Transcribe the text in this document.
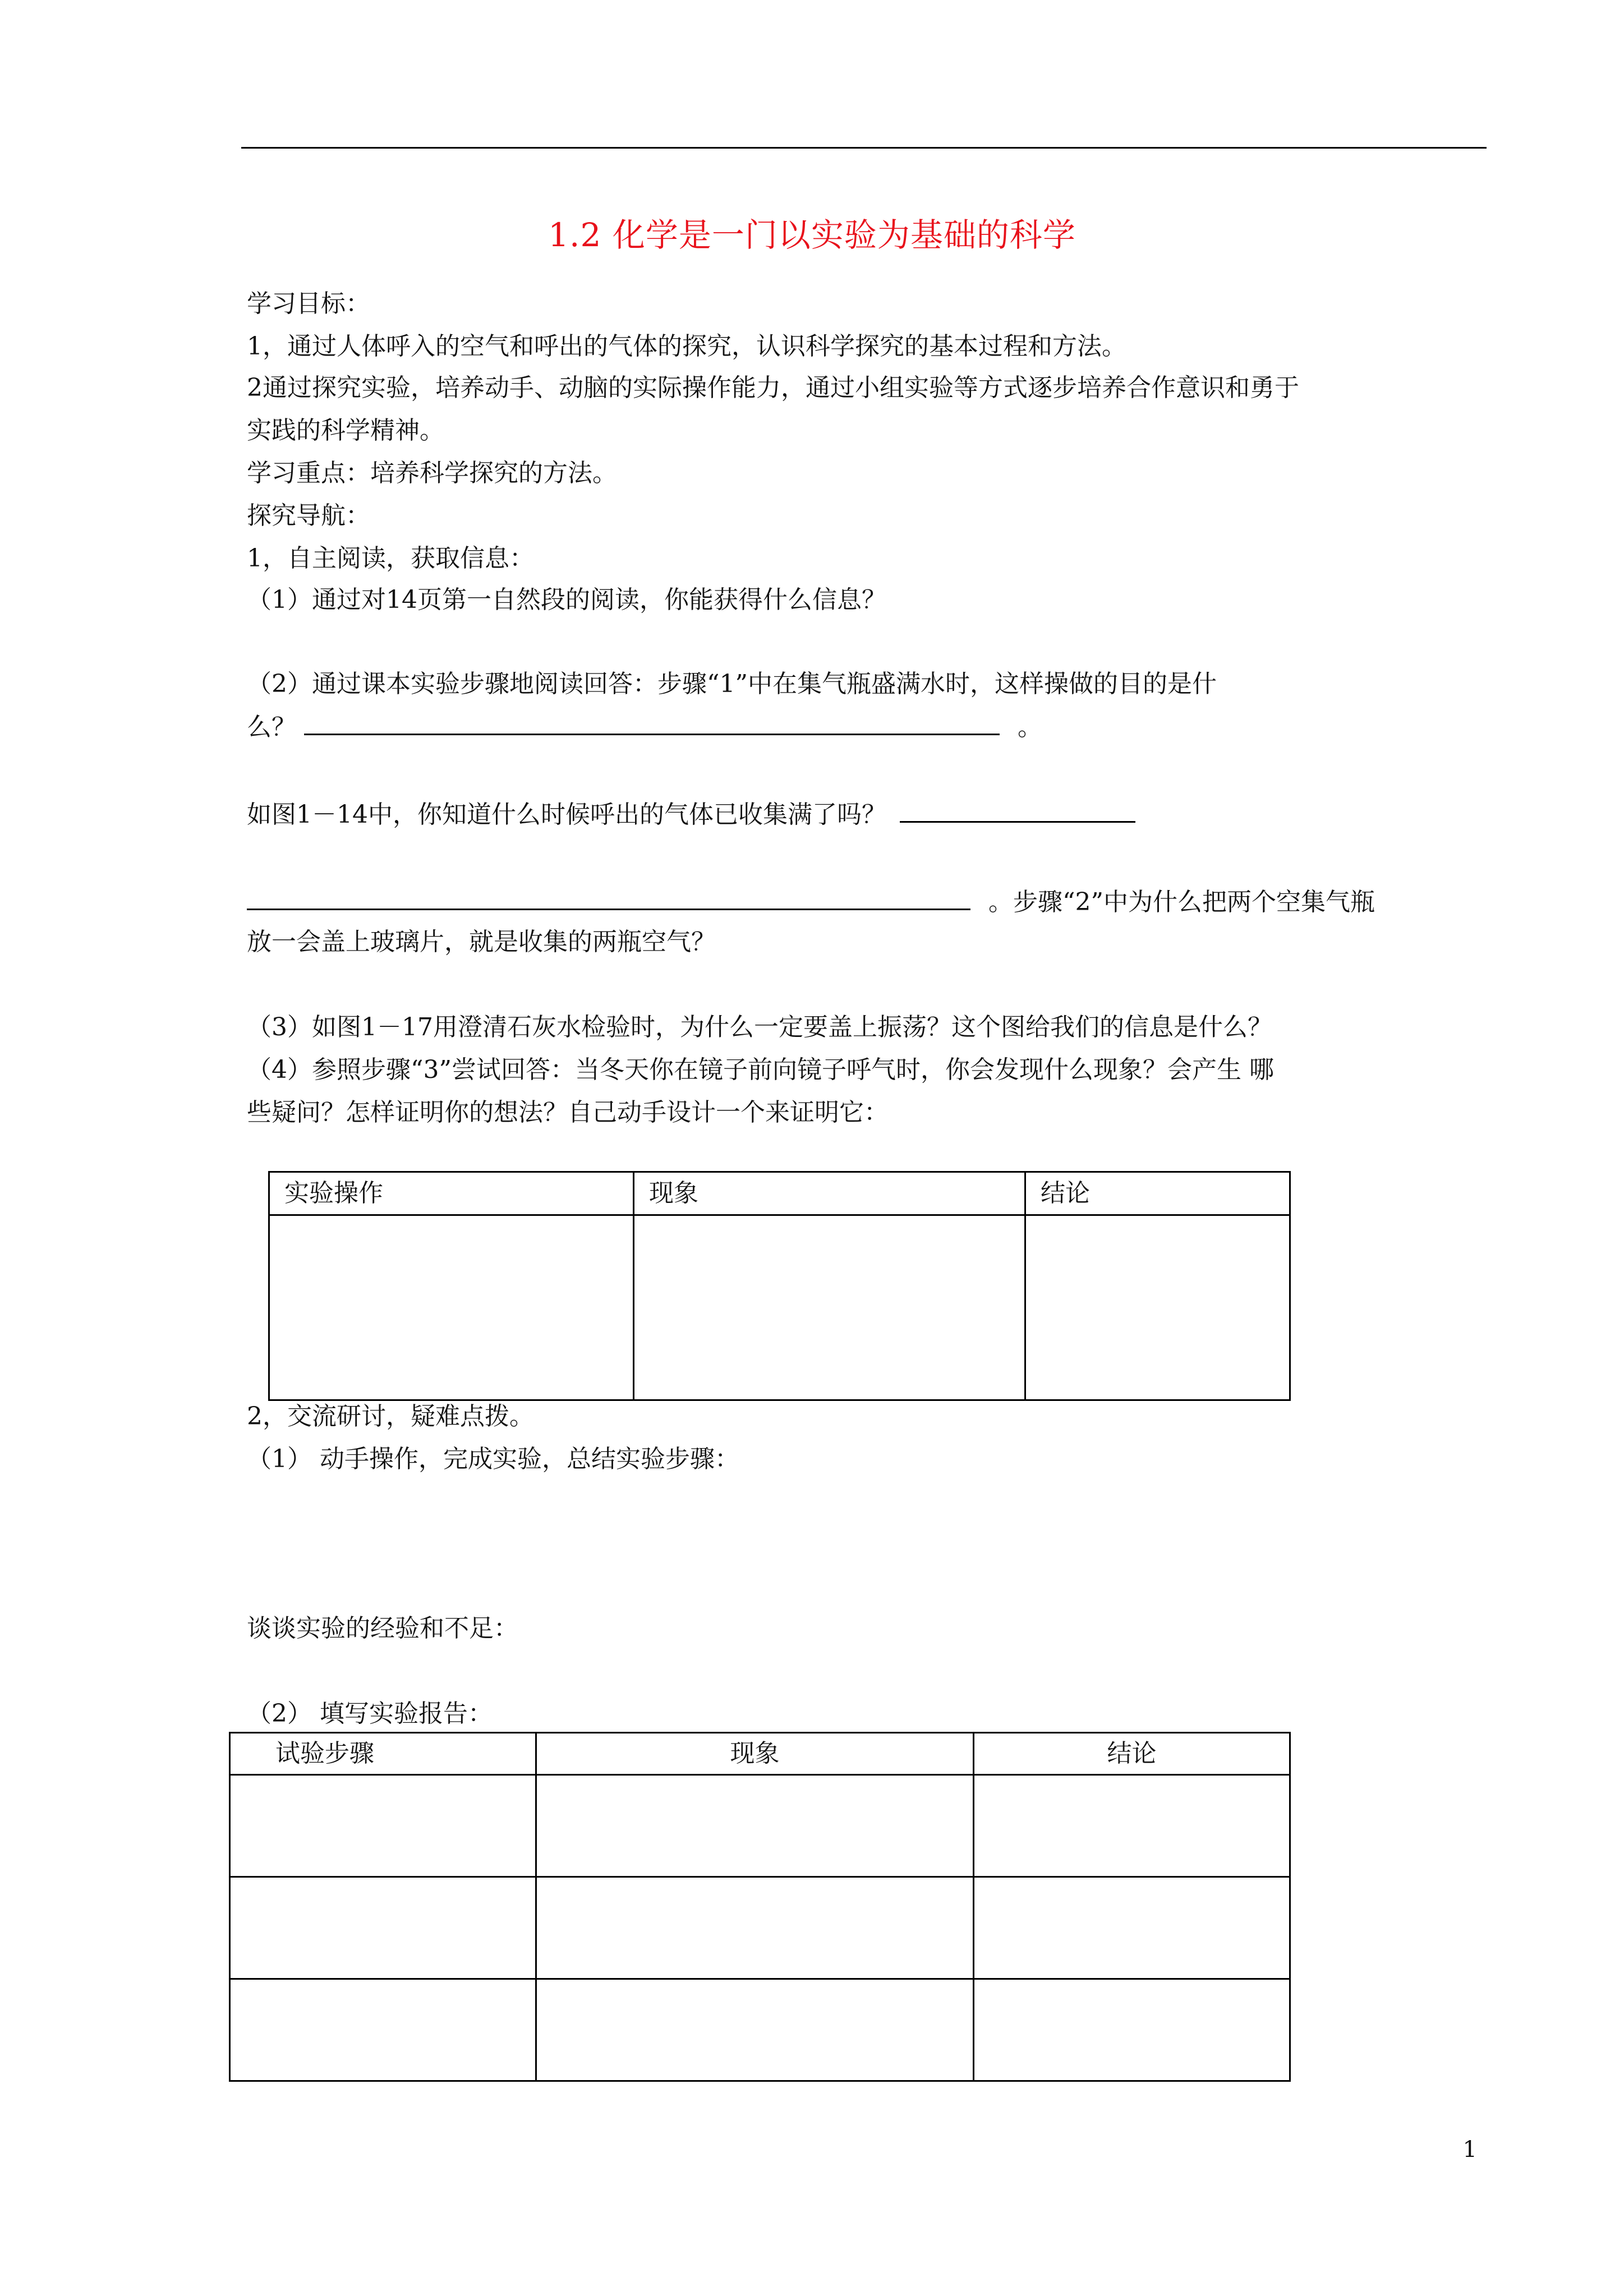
1.2 化学是一门以实验为基础的科学
学习目标：
1，通过人体呼入的空气和呼出的气体的探究，认识科学探究的基本过程和方法。
2通过探究实验，培养动手、动脑的实际操作能力，通过小组实验等方式逐步培养合作意识和勇于
实践的科学精神。
学习重点：培养科学探究的方法。
探究导航：
1，自主阅读，获取信息：
（1）通过对14页第一自然段的阅读，你能获得什么信息？
（2）通过课本实验步骤地阅读回答：步骤“1”中在集气瓶盛满水时，这样操做的目的是什
么？	。
如图1－14中，你知道什么时候呼出的气体已收集满了吗？
。步骤“2”中为什么把两个空集气瓶
放一会盖上玻璃片，就是收集的两瓶空气？
（3）如图1－17用澄清石灰水检验时，为什么一定要盖上振荡？这个图给我们的信息是什么？
（4）参照步骤“3”尝试回答：当冬天你在镜子前向镜子呼气时，你会发现什么现象？会产生 哪
些疑问？怎样证明你的想法？自己动手设计一个来证明它：
实验操作	现象	结论

2，交流研讨，疑难点拨。
（1） 动手操作，完成实验，总结实验步骤：
谈谈实验的经验和不足：
（2） 填写实验报告：
试验步骤	现象	结论

1
